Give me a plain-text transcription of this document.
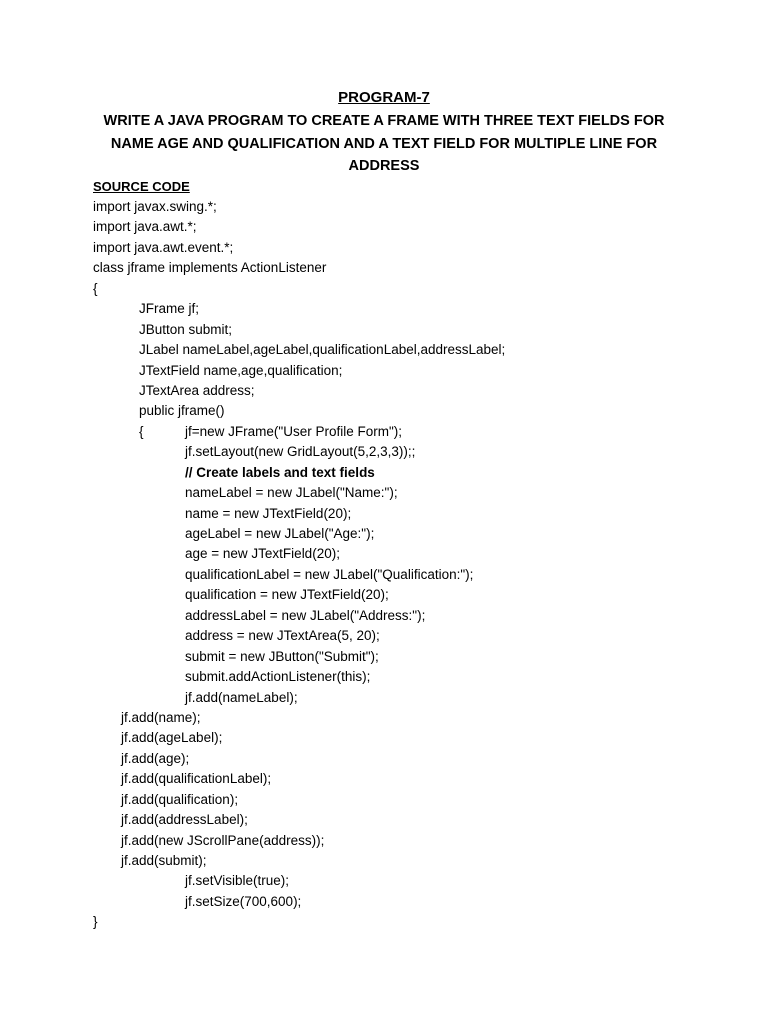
PROGRAM-7
WRITE A JAVA PROGRAM TO CREATE A FRAME WITH THREE TEXT FIELDS FOR NAME AGE AND QUALIFICATION AND A TEXT FIELD FOR MULTIPLE LINE FOR ADDRESS
SOURCE CODE
import javax.swing.*;
import java.awt.*;
import java.awt.event.*;
class jframe implements ActionListener
{
JFrame jf;
JButton submit;
JLabel nameLabel,ageLabel,qualificationLabel,addressLabel;
JTextField name,age,qualification;
JTextArea address;
public jframe()
{	jf=new JFrame("User Profile Form");
jf.setLayout(new GridLayout(5,2,3,3));;
// Create labels and text fields
nameLabel = new JLabel("Name:");
name = new JTextField(20);
ageLabel = new JLabel("Age:");
age = new JTextField(20);
qualificationLabel = new JLabel("Qualification:");
qualification = new JTextField(20);
addressLabel = new JLabel("Address:");
address = new JTextArea(5, 20);
submit = new JButton("Submit");
submit.addActionListener(this);
jf.add(nameLabel);
jf.add(name);
jf.add(ageLabel);
jf.add(age);
jf.add(qualificationLabel);
jf.add(qualification);
jf.add(addressLabel);
jf.add(new JScrollPane(address));
jf.add(submit);
jf.setVisible(true);
jf.setSize(700,600);
}
